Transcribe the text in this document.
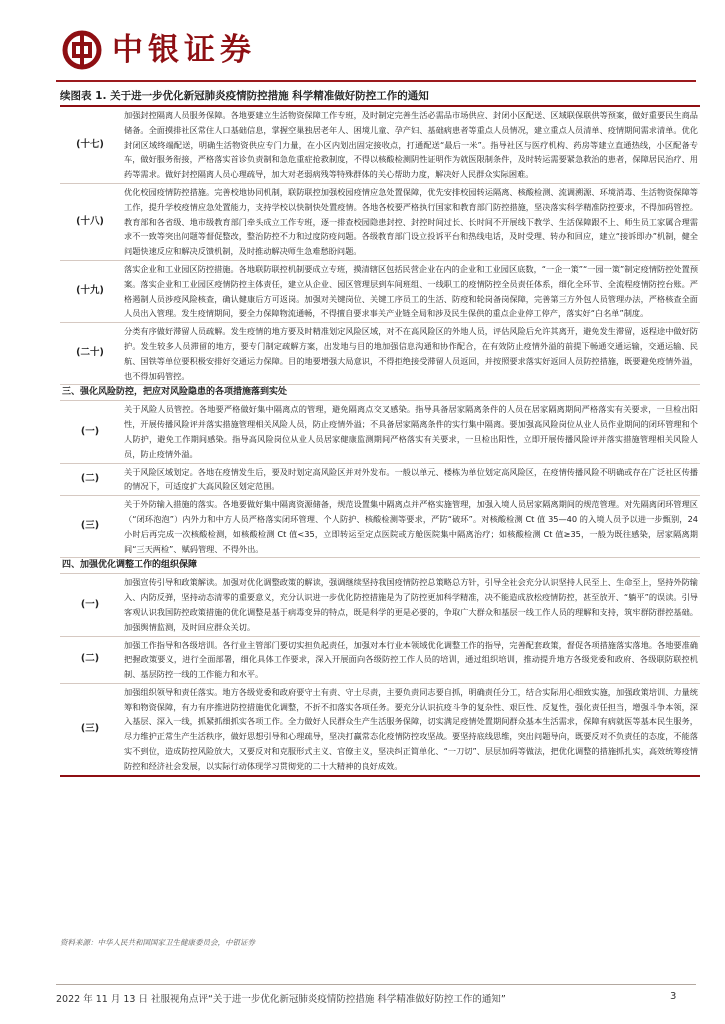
中银证券
续图表 1. 关于进一步优化新冠肺炎疫情防控措施 科学精准做好防控工作的通知
(十七)	加强封控隔离人员服务保障。各地要建立生活物资保障工作专班，及时制定完善生活必需品市场供应、封闭小区配送、区域联保联供等预案，做好重要民生商品储备。全面摸排社区常住人口基础信息，掌握空巢独居老年人、困境儿童、孕产妇、基础病患者等重点人员情况，建立重点人员清单、疫情期间需求清单。优化封闭区域终端配送，明确生活物资供应专门力量，在小区内划出固定接收点，打通配送“最后一米”。指导社区与医疗机构、药房等建立直通热线，小区配备专车，做好服务衔接，严格落实首诊负责制和急危重症抢救制度，不得以核酸检测阴性证明作为就医限制条件，及时转运需要紧急救治的患者，保障居民治疗、用药等需求。做好封控隔离人员心理疏导，加大对老弱病残等特殊群体的关心帮助力度，解决好人民群众实际困难。
(十八)	优化校园疫情防控措施。完善校地协同机制，联防联控加强校园疫情应急处置保障，优先安排校园转运隔离、核酸检测、流调溯源、环境消毒、生活物资保障等工作，提升学校疫情应急处置能力，支持学校以快制快处置疫情。各地各校要严格执行国家和教育部门防控措施，坚决落实科学精准防控要求，不得加码管控。教育部和各省级、地市级教育部门牵头成立工作专班，逐一排查校园隐患封控、封控时间过长、长时间不开展线下教学、生活保障跟不上、师生员工家属合理需求不一致等突出问题等督促整改，整治防控不力和过度防疫问题。各级教育部门设立投诉平台和热线电话，及时受理、转办和回应，建立“接诉即办”机制，健全问题快速反应和解决反馈机制，及时推动解决师生急难愁盼问题。
(十九)	落实企业和工业园区防控措施。各地联防联控机制要成立专班，摸清辖区包括民营企业在内的企业和工业园区底数，“一企一策”“一园一策”制定疫情防控处置预案。落实企业和工业园区疫情防控主体责任，建立从企业、园区管理层到车间班组、一线职工的疫情防控全员责任体系，细化全环节、全流程疫情防控台账。严格遏制人员涉疫风险核查，确认健康后方可返岗。加强对关键岗位、关键工序员工的生活、防疫和轮岗备岗保障，完善第三方外包人员管理办法，严格核查全面人员出入管理。发生疫情期间，要全力保障物流通畅，不得擅自要求事关产业链全局和涉及民生保供的重点企业停工停产，落实好“白名单”制度。
(二十)	分类有序做好滞留人员疏解。发生疫情的地方要及时精准划定风险区域，对不在高风险区的外地人员，评估风险后允许其离开，避免发生滞留，返程途中做好防护。发生较多人员滞留的地方，要专门制定疏解方案，出发地与目的地加强信息沟通和协作配合，在有效防止疫情外溢的前提下畅通交通运输，交通运输、民航、国铁等单位要积极安排好交通运力保障。目的地要增强大局意识，不得拒绝接受滞留人员返回，并按照要求落实好返回人员防控措施，既要避免疫情外溢，也不得加码管控。
三、强化风险防控，把应对风险隐患的各项措施落到实处	
(一)	关于风险人员管控。各地要严格做好集中隔离点的管理，避免隔离点交叉感染。指导具备居家隔离条件的人员在居家隔离期间严格落实有关要求，一旦检出阳性，开展传播风险评并落实措施管理相关风险人员，防止疫情外溢；不具备居家隔离条件的实行集中隔离。要加强高风险岗位从业人员作业期间的闭环管理和个人防护，避免工作期间感染。指导高风险岗位从业人员居家健康监测期间严格落实有关要求，一旦检出阳性，立即开展传播风险评并落实措施管理相关风险人员，防止疫情外溢。
(二)	关于风险区域划定。各地在疫情发生后，要及时划定高风险区并对外发布。一般以单元、楼栋为单位划定高风险区，在疫情传播风险不明确或存在广泛社区传播的情况下，可适度扩大高风险区划定范围。
(三)	关于外防输入措施的落实。各地要做好集中隔离资源储备，规范设置集中隔离点并严格实施管理，加强入境人员居家隔离期间的规范管理。对先隔离闭环管理区（“闭环泡泡”）内外力和中方人员严格落实闭环管理、个人防护、核酸检测等要求，严防“破环”。对核酸检测 Ct 值 35—40 的入境人员予以进一步甄别，24 小时后再完成一次核酸检测，如核酸检测 Ct 值<35，立即转运至定点医院或方舱医院集中隔离治疗；如核酸检测 Ct 值≥35，一般为既往感染，居家隔离期间“三天两检”、赋码管理、不得外出。
四、加强优化调整工作的组织保障	
(一)	加强宣传引导和政策解读。加强对优化调整政策的解读，强调继续坚持我国疫情防控总策略总方针，引导全社会充分认识坚持人民至上、生命至上，坚持外防输入、内防反弹，坚持动态清零的重要意义，充分认识进一步优化防控措施是为了防控更加科学精准，决不能造成放松疫情防控，甚至放开、“躺平”的误读。引导客观认识我国防控政策措施的优化调整是基于病毒变异的特点，既是科学的更是必要的，争取广大群众和基层一线工作人员的理解和支持，筑牢群防群控基础。加强舆情监测，及时回应群众关切。
(二)	加强工作指导和各级培训。各行业主管部门要切实担负起责任，加强对本行业本领域优化调整工作的指导，完善配套政策，督促各项措施落实落地。各地要准确把握政策要义，进行全面部署，细化具体工作要求，深入开展面向各级防控工作人员的培训，通过组织培训，推动提升地方各级党委和政府、各级联防联控机制、基层防控一线的工作能力和水平。
(三)	加强组织领导和责任落实。地方各级党委和政府要守土有责、守土尽责，主要负责同志要自抓，明确责任分工，结合实际用心细致实施，加强政策培训、力量统筹和物资保障，有力有序推进防控措施优化调整，不折不扣落实各项任务。要充分认识抗疫斗争的复杂性、艰巨性、反复性，强化责任担当，增强斗争本领，深入基层、深入一线，抓紧抓细抓实各项工作。全力做好人民群众生产生活服务保障，切实满足疫情处置期间群众基本生活需求，保障有病就医等基本民生服务，尽力维护正常生产生活秩序，做好思想引导和心理疏导，坚决打赢常态化疫情防控攻坚战。要坚持底线思维，突出问题导向，既要反对不负责任的态度，不能落实不到位，造成防控风险放大，又要反对和克服形式主义、官僚主义，坚决纠正简单化、“一刀切”、层层加码等做法，把优化调整的措施抓扎实，高效统筹疫情防控和经济社会发展，以实际行动体现学习贯彻党的二十大精神的良好成效。
资料来源：中华人民共和国国家卫生健康委员会，中银证券
2022 年 11 月 13 日 社服视角点评“关于进一步优化新冠肺炎疫情防控措施 科学精准做好防控工作的通知”	3
